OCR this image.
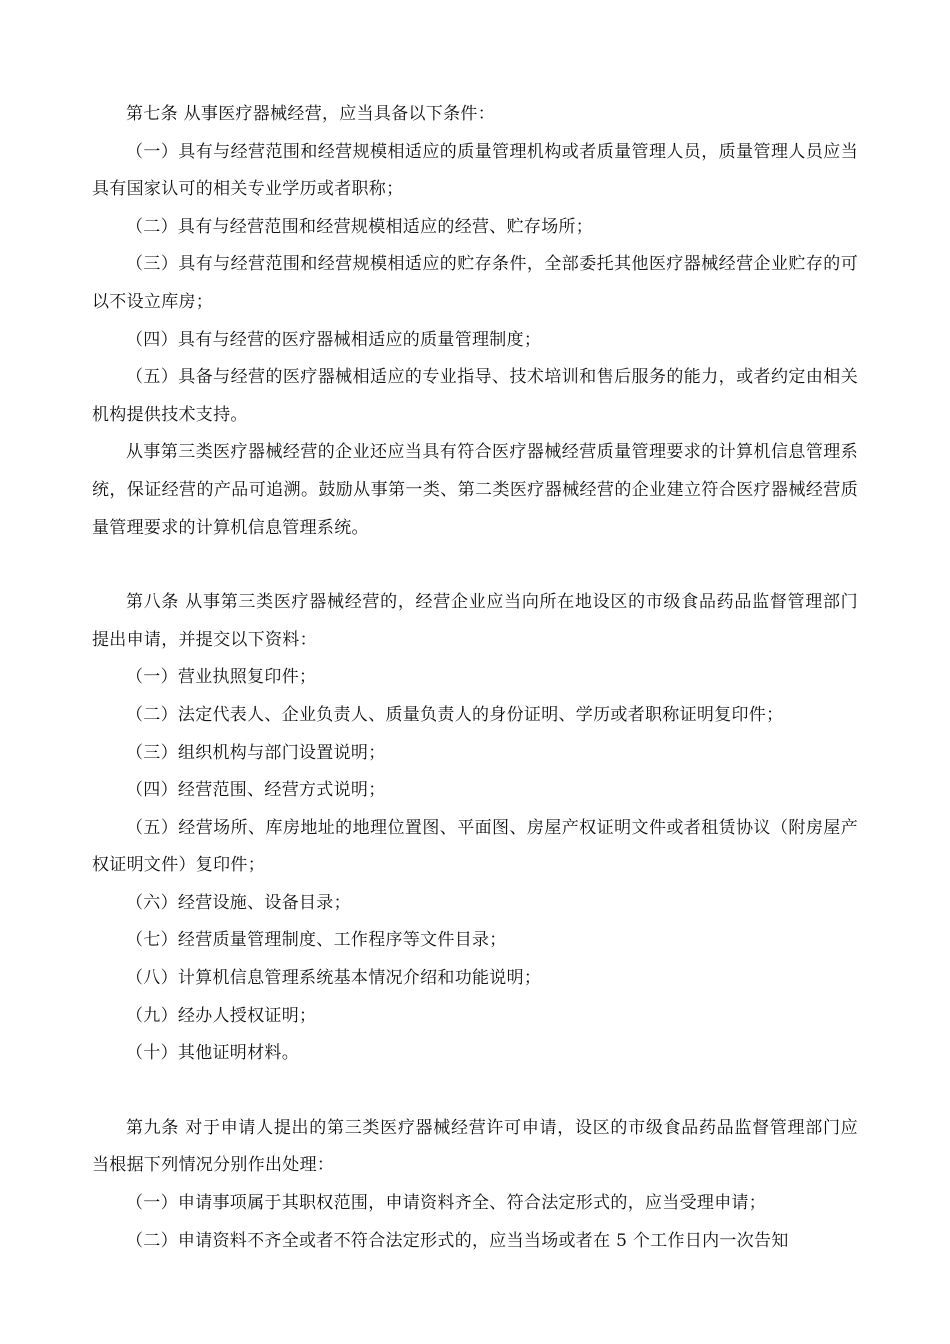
第七条 从事医疗器械经营，应当具备以下条件：

（一）具有与经营范围和经营规模相适应的质量管理机构或者质量管理人员，质量管理人员应当具有国家认可的相关专业学历或者职称；

（二）具有与经营范围和经营规模相适应的经营、贮存场所；

（三）具有与经营范围和经营规模相适应的贮存条件，全部委托其他医疗器械经营企业贮存的可以不设立库房；

（四）具有与经营的医疗器械相适应的质量管理制度；

（五）具备与经营的医疗器械相适应的专业指导、技术培训和售后服务的能力，或者约定由相关机构提供技术支持。

从事第三类医疗器械经营的企业还应当具有符合医疗器械经营质量管理要求的计算机信息管理系统，保证经营的产品可追溯。鼓励从事第一类、第二类医疗器械经营的企业建立符合医疗器械经营质量管理要求的计算机信息管理系统。

第八条 从事第三类医疗器械经营的，经营企业应当向所在地设区的市级食品药品监督管理部门提出申请，并提交以下资料：

（一）营业执照复印件；

（二）法定代表人、企业负责人、质量负责人的身份证明、学历或者职称证明复印件；

（三）组织机构与部门设置说明；

（四）经营范围、经营方式说明；

（五）经营场所、库房地址的地理位置图、平面图、房屋产权证明文件或者租赁协议（附房屋产权证明文件）复印件；

（六）经营设施、设备目录；

（七）经营质量管理制度、工作程序等文件目录；

（八）计算机信息管理系统基本情况介绍和功能说明；

（九）经办人授权证明；

（十）其他证明材料。

第九条 对于申请人提出的第三类医疗器械经营许可申请，设区的市级食品药品监督管理部门应当根据下列情况分别作出处理：

（一）申请事项属于其职权范围，申请资料齐全、符合法定形式的，应当受理申请；

（二）申请资料不齐全或者不符合法定形式的，应当当场或者在 5 个工作日内一次告知
